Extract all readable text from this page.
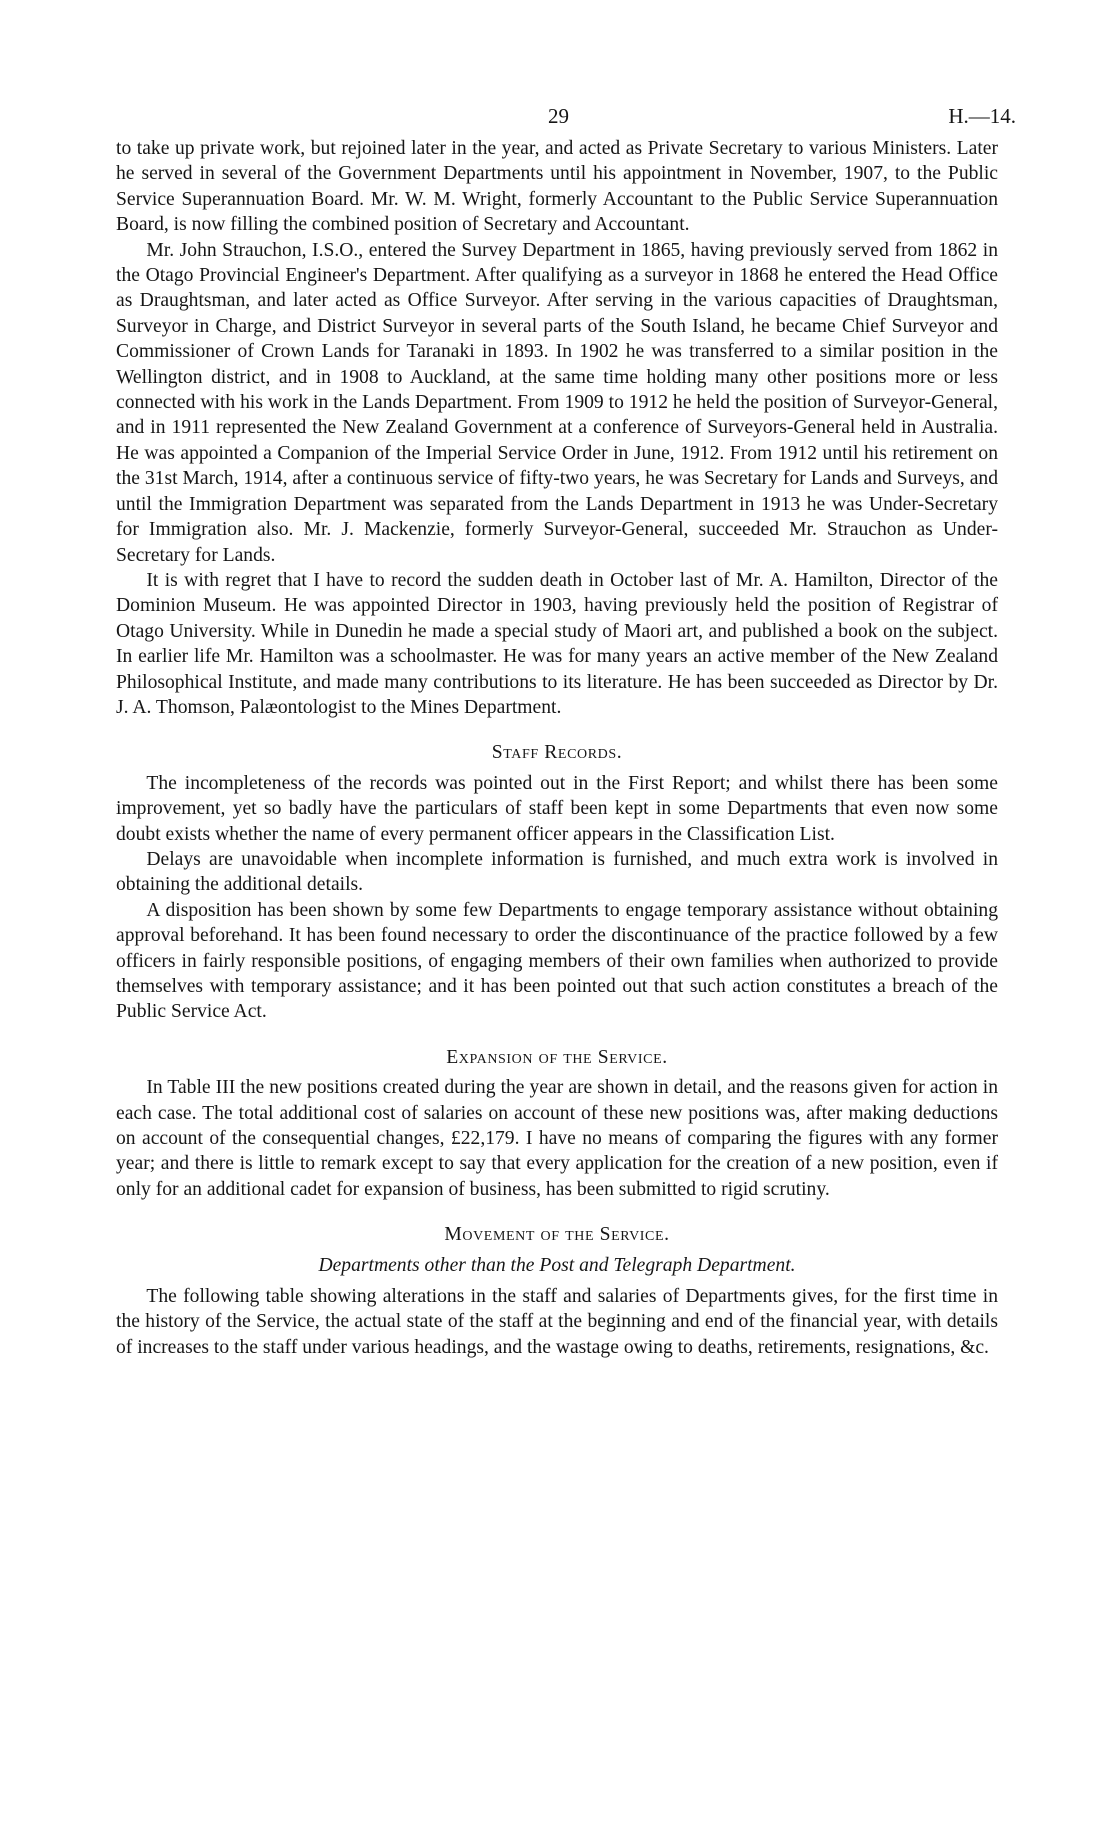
29	H.—14.

to take up private work, but rejoined later in the year, and acted as Private Secretary to various Ministers. Later he served in several of the Government Departments until his appointment in November, 1907, to the Public Service Superannuation Board. Mr. W. M. Wright, formerly Accountant to the Public Service Superannuation Board, is now filling the combined position of Secretary and Accountant.

Mr. John Strauchon, I.S.O., entered the Survey Department in 1865, having previously served from 1862 in the Otago Provincial Engineer's Department. After qualifying as a surveyor in 1868 he entered the Head Office as Draughtsman, and later acted as Office Surveyor. After serving in the various capacities of Draughtsman, Surveyor in Charge, and District Surveyor in several parts of the South Island, he became Chief Surveyor and Commissioner of Crown Lands for Taranaki in 1893. In 1902 he was transferred to a similar position in the Wellington district, and in 1908 to Auckland, at the same time holding many other positions more or less connected with his work in the Lands Department. From 1909 to 1912 he held the position of Surveyor-General, and in 1911 represented the New Zealand Government at a conference of Surveyors-General held in Australia. He was appointed a Companion of the Imperial Service Order in June, 1912. From 1912 until his retirement on the 31st March, 1914, after a continuous service of fifty-two years, he was Secretary for Lands and Surveys, and until the Immigration Department was separated from the Lands Department in 1913 he was Under-Secretary for Immigration also. Mr. J. Mackenzie, formerly Surveyor-General, succeeded Mr. Strauchon as Under-Secretary for Lands.

It is with regret that I have to record the sudden death in October last of Mr. A. Hamilton, Director of the Dominion Museum. He was appointed Director in 1903, having previously held the position of Registrar of Otago University. While in Dunedin he made a special study of Maori art, and published a book on the subject. In earlier life Mr. Hamilton was a schoolmaster. He was for many years an active member of the New Zealand Philosophical Institute, and made many contributions to its literature. He has been succeeded as Director by Dr. J. A. Thomson, Palæontologist to the Mines Department.

Staff Records.

The incompleteness of the records was pointed out in the First Report; and whilst there has been some improvement, yet so badly have the particulars of staff been kept in some Departments that even now some doubt exists whether the name of every permanent officer appears in the Classification List.

Delays are unavoidable when incomplete information is furnished, and much extra work is involved in obtaining the additional details.

A disposition has been shown by some few Departments to engage temporary assistance without obtaining approval beforehand. It has been found necessary to order the discontinuance of the practice followed by a few officers in fairly responsible positions, of engaging members of their own families when authorized to provide themselves with temporary assistance; and it has been pointed out that such action constitutes a breach of the Public Service Act.

Expansion of the Service.

In Table III the new positions created during the year are shown in detail, and the reasons given for action in each case. The total additional cost of salaries on account of these new positions was, after making deductions on account of the consequential changes, £22,179. I have no means of comparing the figures with any former year; and there is little to remark except to say that every application for the creation of a new position, even if only for an additional cadet for expansion of business, has been submitted to rigid scrutiny.

Movement of the Service.
Departments other than the Post and Telegraph Department.

The following table showing alterations in the staff and salaries of Departments gives, for the first time in the history of the Service, the actual state of the staff at the beginning and end of the financial year, with details of increases to the staff under various headings, and the wastage owing to deaths, retirements, resignations, &c.
